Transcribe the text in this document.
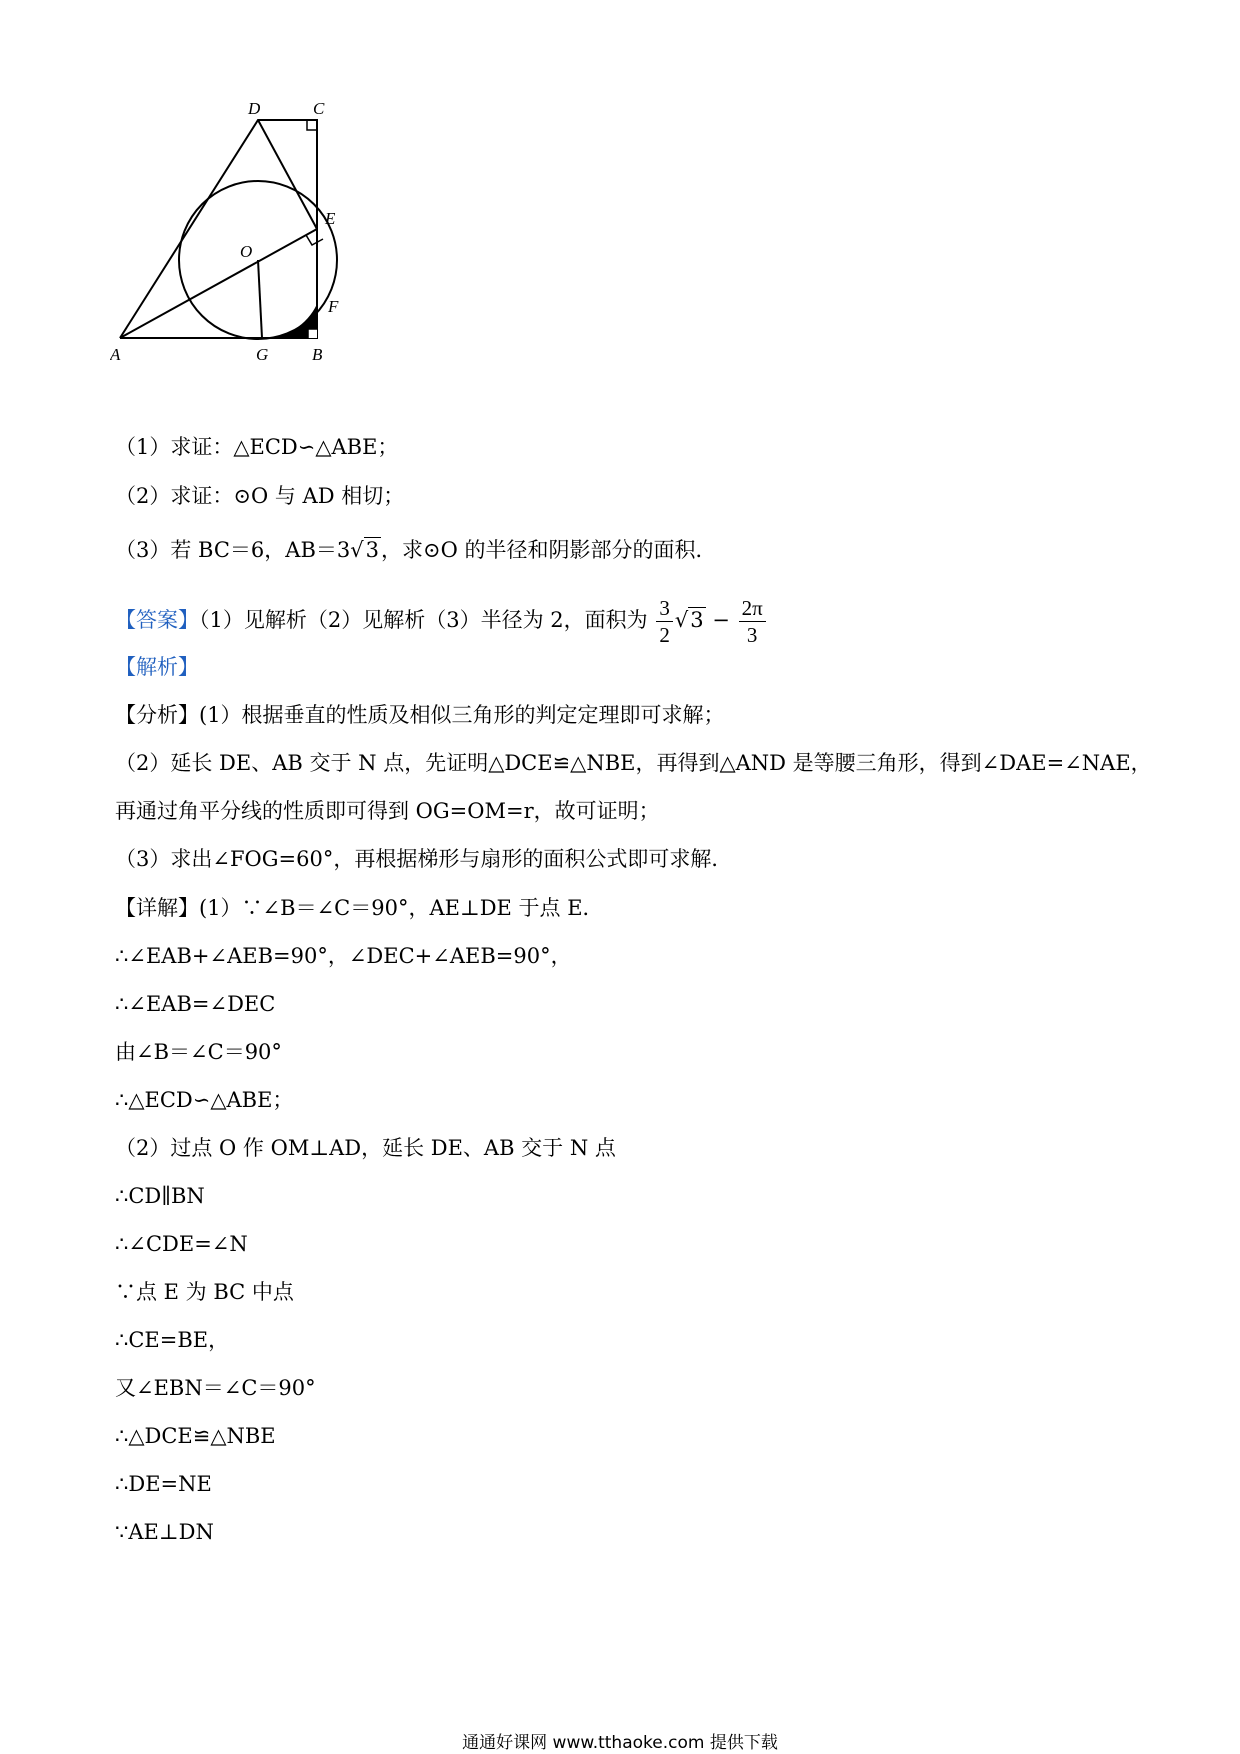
D	C
E
O
F
A	G	B
（1）求证：△ECD∽△ABE；
（2）求证：⊙O 与 AD 相切；
（3）若 BC＝6，AB＝3√3，求⊙O 的半径和阴影部分的面积．
【答案】（1）见解析（2）见解析（3）半径为 2，面积为 $\frac{3}{2} √3 - \frac{2\pi}{3}$
【解析】
【分析】(1）根据垂直的性质及相似三角形的判定定理即可求解；
（2）延长 DE、AB 交于 N 点，先证明△DCE≌△NBE，再得到△AND 是等腰三角形，得到∠DAE=∠NAE，
再通过角平分线的性质即可得到 OG=OM=r，故可证明；
（3）求出∠FOG=60°，再根据梯形与扇形的面积公式即可求解．
【详解】(1）∵∠B＝∠C＝90°，AE⊥DE 于点 E．
∴∠EAB+∠AEB=90°，∠DEC+∠AEB=90°，
∴∠EAB=∠DEC
由∠B＝∠C＝90°
∴△ECD∽△ABE；
（2）过点 O 作 OM⊥AD，延长 DE、AB 交于 N 点
∴CD∥BN
∴∠CDE=∠N
∵点 E 为 BC 中点
∴CE=BE，
又∠EBN＝∠C＝90°
∴△DCE≌△NBE
∴DE=NE
∵AE⊥DN
通通好课网 www.tthaoke.com 提供下载
